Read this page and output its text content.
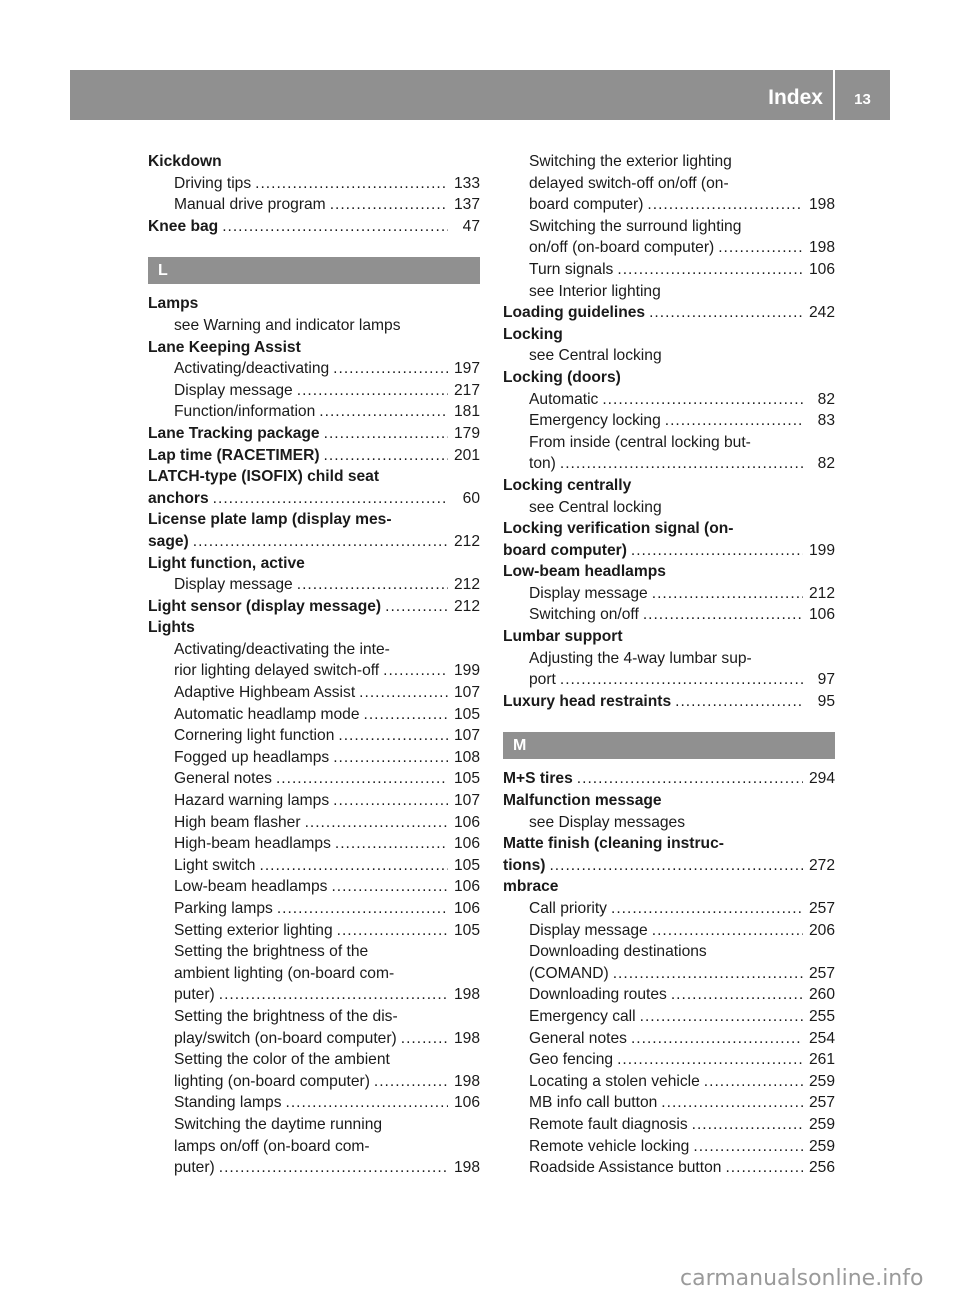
Index	13
Kickdown
Driving tips .....	133
Manual drive program .....	137
Knee bag .....	47
L
Lamps
see Warning and indicator lamps
Lane Keeping Assist
Activating/deactivating .....	197
Display message .....	217
Function/information .....	181
Lane Tracking package .....	179
Lap time (RACETIMER) .....	201
LATCH-type (ISOFIX) child seat
anchors .....	60
License plate lamp (display mes-
sage) .....	212
Light function, active
Display message .....	212
Light sensor (display message) .....	212
Lights
Activating/deactivating the inte-
rior lighting delayed switch-off .....	199
Adaptive Highbeam Assist .....	107
Automatic headlamp mode .....	105
Cornering light function .....	107
Fogged up headlamps .....	108
General notes .....	105
Hazard warning lamps .....	107
High beam flasher .....	106
High-beam headlamps .....	106
Light switch .....	105
Low-beam headlamps .....	106
Parking lamps .....	106
Setting exterior lighting .....	105
Setting the brightness of the
ambient lighting (on-board com-
puter) .....	198
Setting the brightness of the dis-
play/switch (on-board computer) .....	198
Setting the color of the ambient
lighting (on-board computer) .....	198
Standing lamps .....	106
Switching the daytime running
lamps on/off (on-board com-
puter) .....	198
Switching the exterior lighting
delayed switch-off on/off (on-
board computer) .....	198
Switching the surround lighting
on/off (on-board computer) .....	198
Turn signals .....	106
see Interior lighting
Loading guidelines .....	242
Locking
see Central locking
Locking (doors)
Automatic .....	82
Emergency locking .....	83
From inside (central locking but-
ton) .....	82
Locking centrally
see Central locking
Locking verification signal (on-
board computer) .....	199
Low-beam headlamps
Display message .....	212
Switching on/off .....	106
Lumbar support
Adjusting the 4-way lumbar sup-
port .....	97
Luxury head restraints .....	95
M
M+S tires .....	294
Malfunction message
see Display messages
Matte finish (cleaning instruc-
tions) .....	272
mbrace
Call priority .....	257
Display message .....	206
Downloading destinations
(COMAND) .....	257
Downloading routes .....	260
Emergency call .....	255
General notes .....	254
Geo fencing .....	261
Locating a stolen vehicle .....	259
MB info call button .....	257
Remote fault diagnosis .....	259
Remote vehicle locking .....	259
Roadside Assistance button .....	256
carmanualsonline.info
